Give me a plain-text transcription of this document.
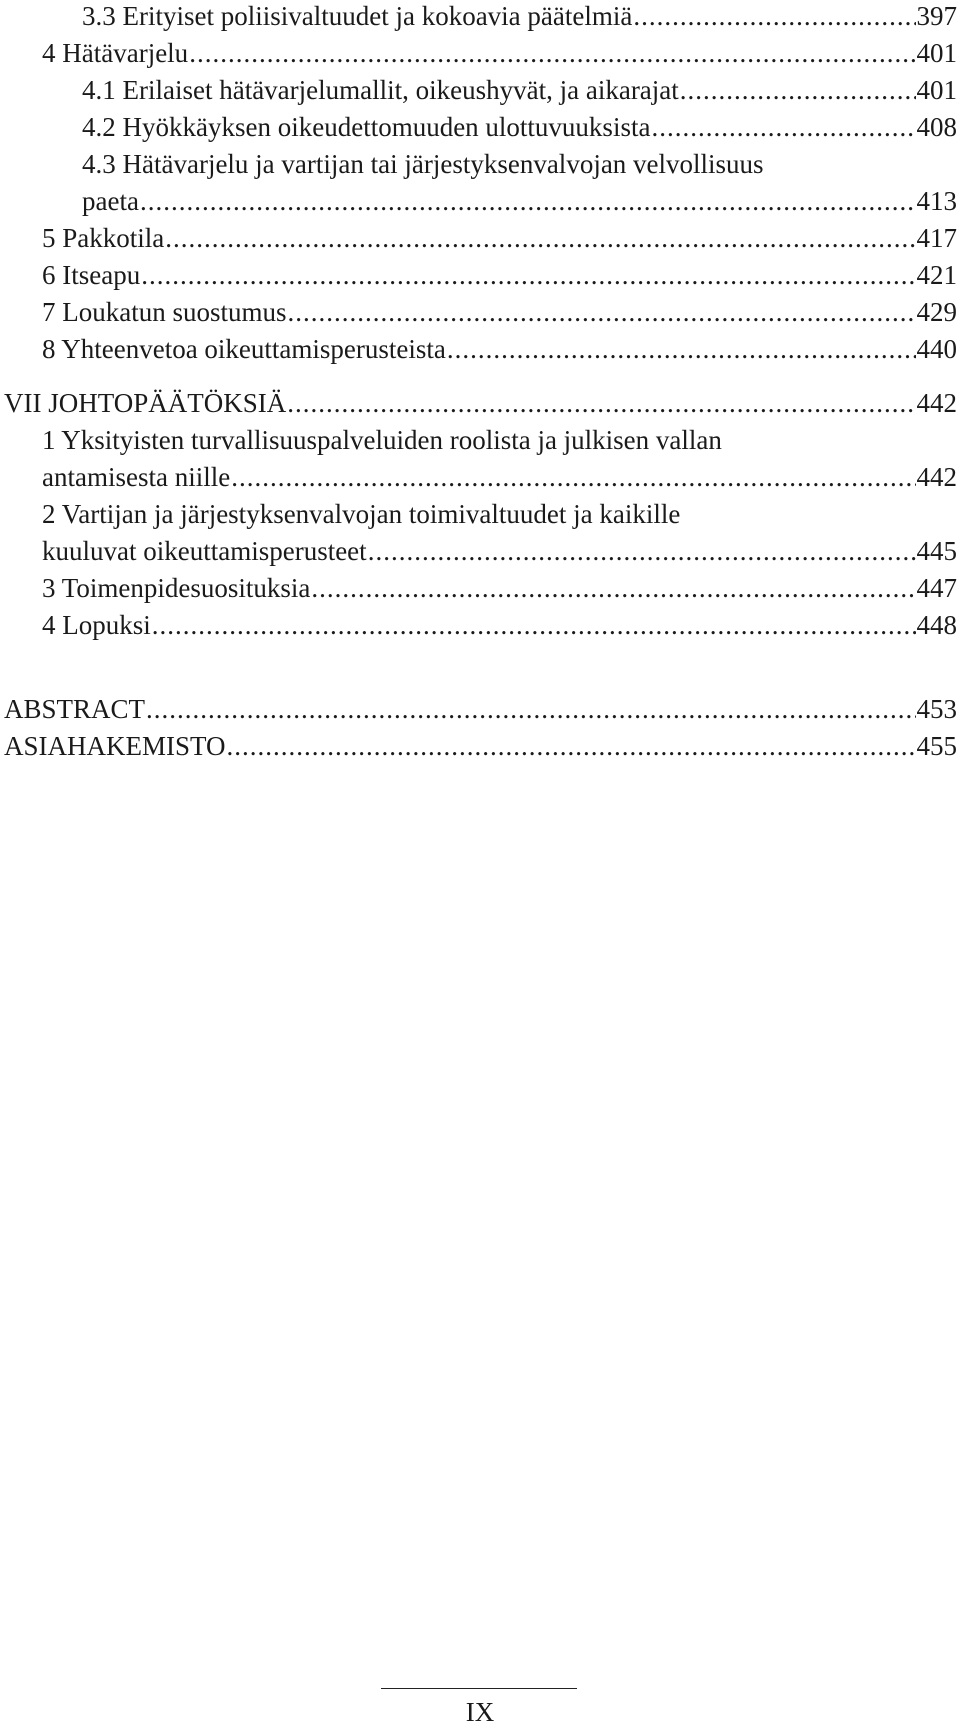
3.3 Erityiset poliisivaltuudet ja kokoavia päätelmiä .....	397
4 Hätävarjelu .....	401
4.1 Erilaiset hätävarjelumallit, oikeushyvät, ja aikarajat .....	401
4.2 Hyökkäyksen oikeudettomuuden ulottuvuuksista .....	408
4.3 Hätävarjelu ja vartijan tai järjestyksenvalvojan velvollisuus
paeta .....	413
5 Pakkotila .....	417
6 Itseapu .....	421
7 Loukatun suostumus .....	429
8 Yhteenvetoa oikeuttamisperusteista .....	440
VII JOHTOPÄÄTÖKSIÄ .....	442
1 Yksityisten turvallisuuspalveluiden roolista ja julkisen vallan
antamisesta niille .....	442
2 Vartijan ja järjestyksenvalvojan toimivaltuudet ja kaikille
kuuluvat oikeuttamisperusteet .....	445
3 Toimenpidesuosituksia .....	447
4 Lopuksi .....	448
ABSTRACT .....	453
ASIAHAKEMISTO .....	455
IX
